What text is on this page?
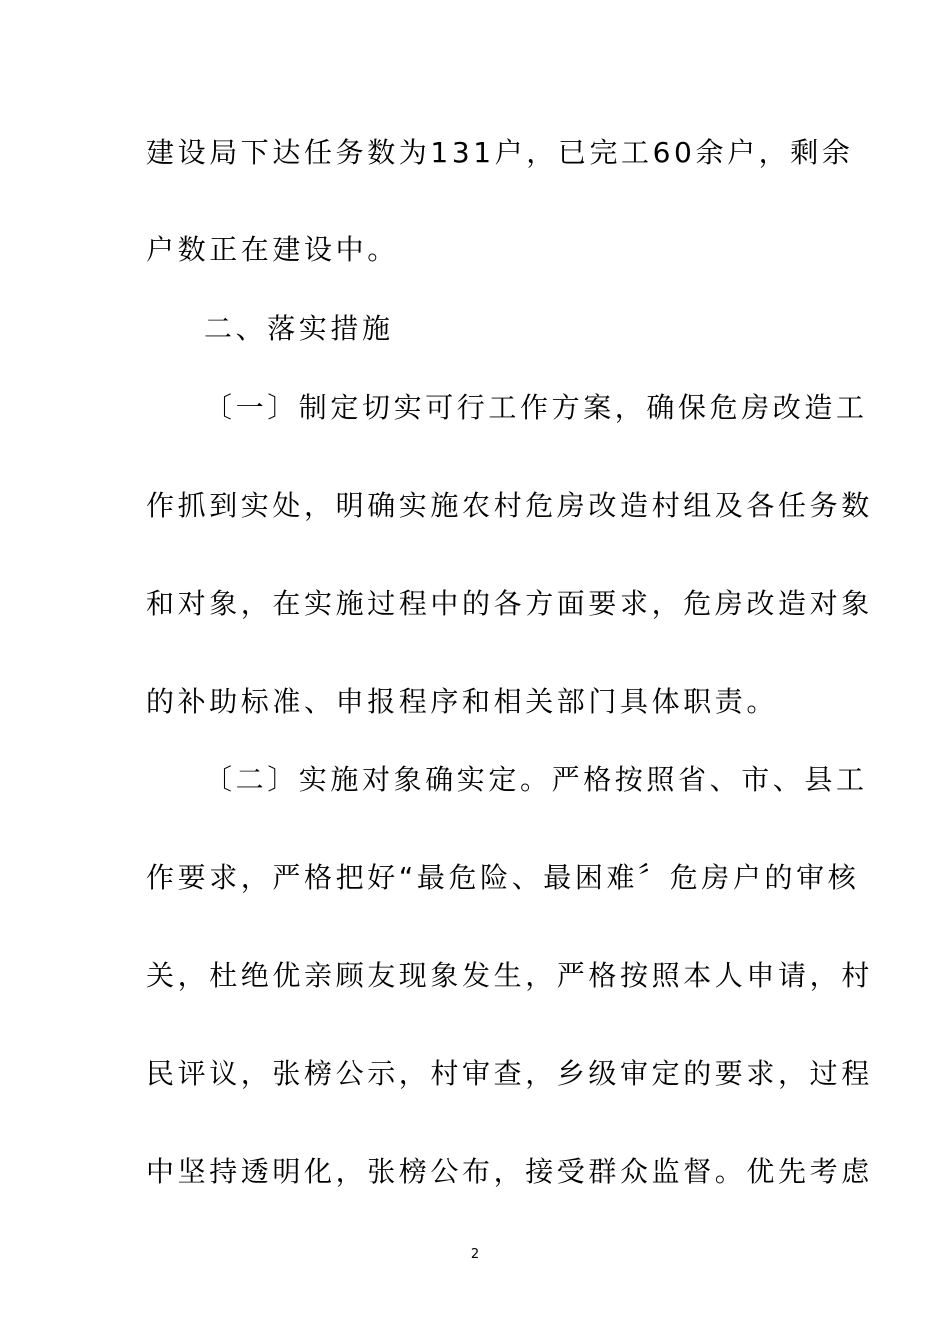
建设局下达任务数为131户，已完工60余户，剩余
户数正在建设中。
二、落实措施
〔一〕制定切实可行工作方案，确保危房改造工
作抓到实处，明确实施农村危房改造村组及各任务数
和对象，在实施过程中的各方面要求，危房改造对象
的补助标准、申报程序和相关部门具体职责。
〔二〕实施对象确实定。严格按照省、市、县工
作要求，严格把好“最危险、最困难〞危房户的审核
关，杜绝优亲顾友现象发生，严格按照本人申请，村
民评议，张榜公示，村审查，乡级审定的要求，过程
中坚持透明化，张榜公布，接受群众监督。优先考虑
2
